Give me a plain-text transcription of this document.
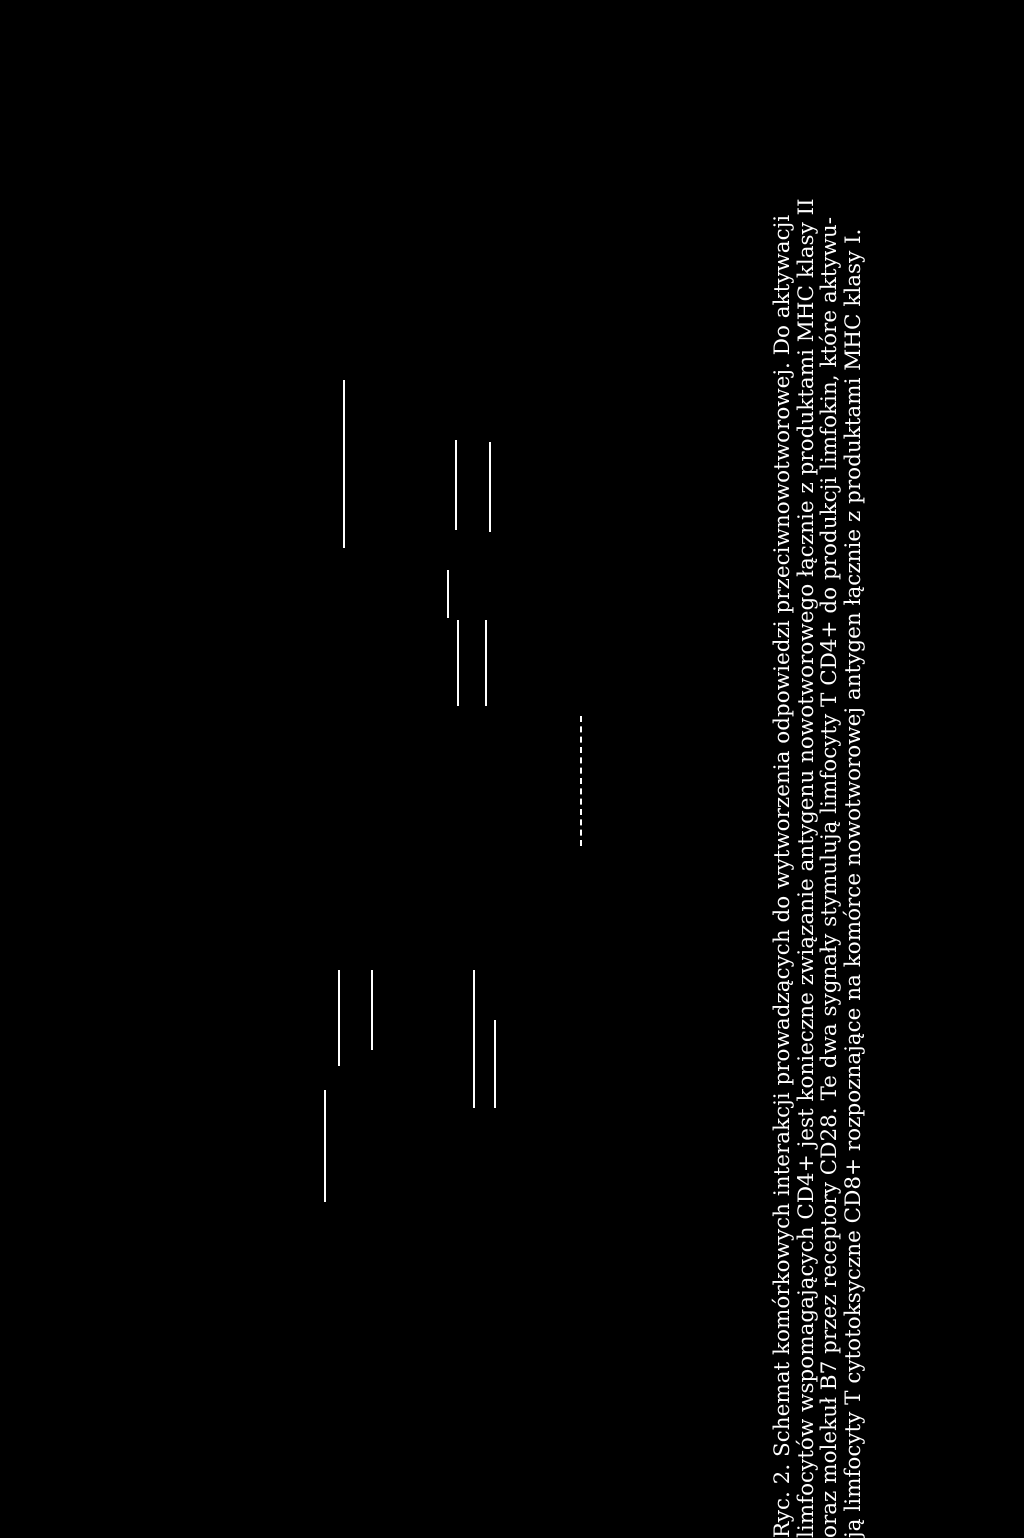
Ryc. 2. Schemat komórkowych interakcji prowadzących do wytworzenia odpowiedzi przeciwnowotworowej. Do aktywacji
limfocytów wspomagających CD4+ jest konieczne związanie antygenu nowotworowego łącznie z produktami MHC klasy II
oraz molekuł B7 przez receptory CD28. Te dwa sygnały stymulują limfocyty T CD4+ do produkcji limfokin, które aktywu-
ją limfocyty T cytotoksyczne CD8+ rozpoznające na komórce nowotworowej antygen łącznie z produktami MHC klasy I.
